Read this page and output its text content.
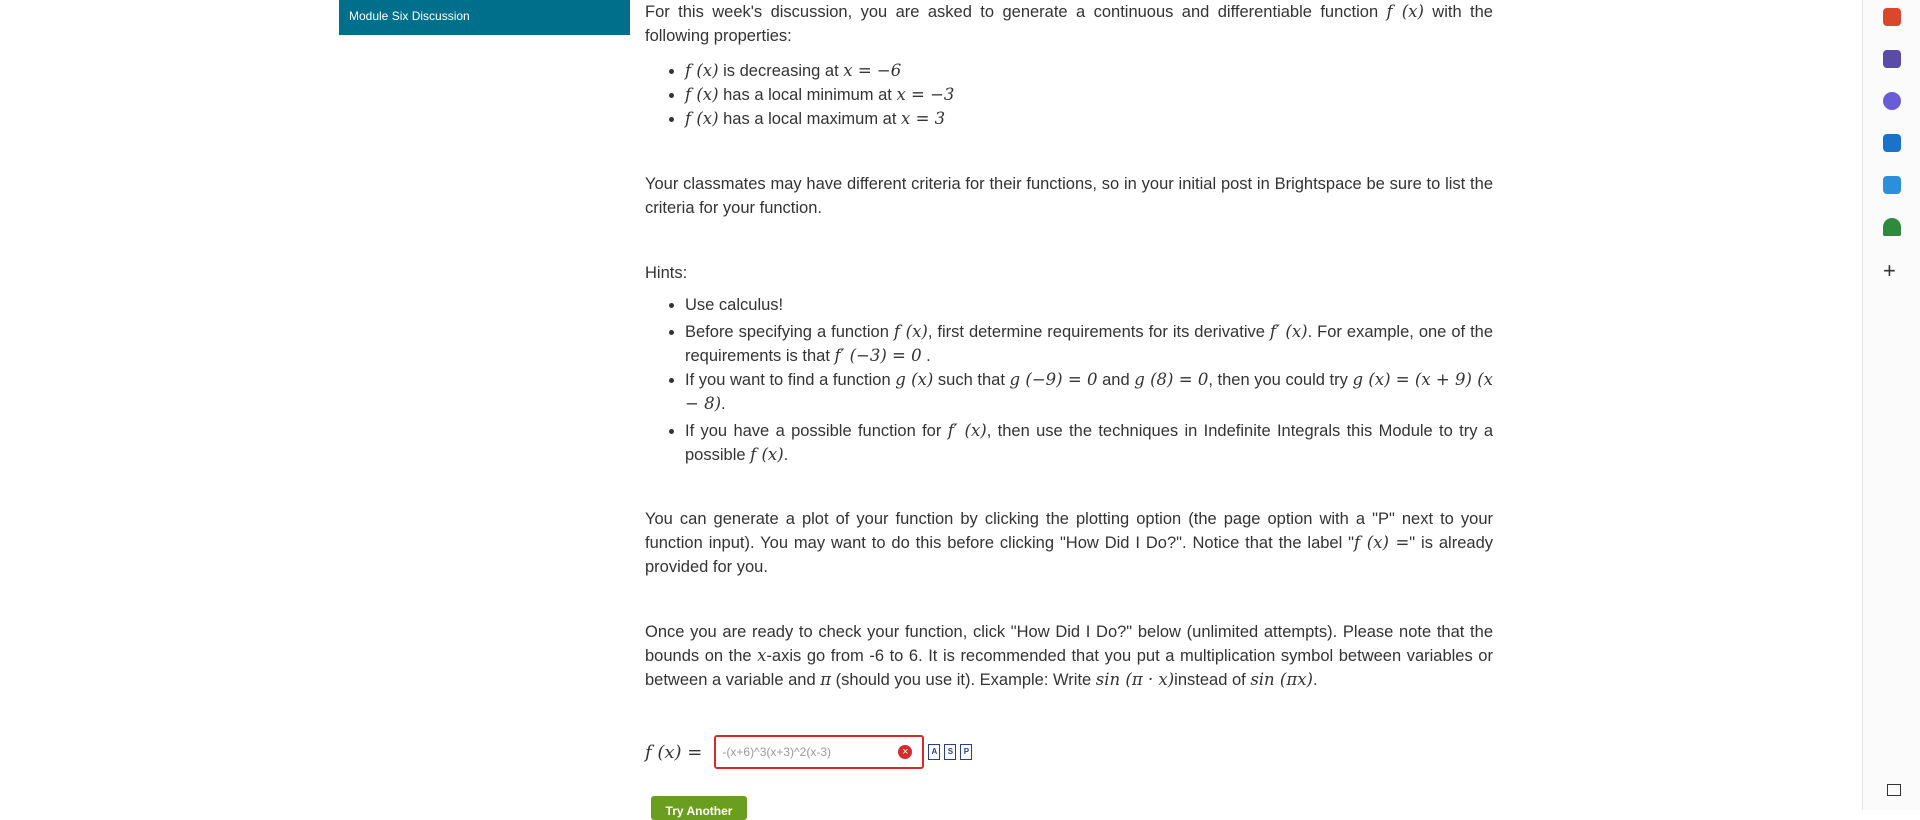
Module Six Discussion	For this week's discussion, you are asked to generate a continuous and differentiable function f (x) with the following properties:

• f (x) is decreasing at x = −6
• f (x) has a local minimum at x = −3
• f (x) has a local maximum at x = 3

Your classmates may have different criteria for their functions, so in your initial post in Brightspace be sure to list the criteria for your function.

Hints:

• Use calculus!
• Before specifying a function f (x), first determine requirements for its derivative f′ (x). For example, one of the requirements is that f′ (−3) = 0 .
• If you want to find a function g (x) such that g (−9) = 0 and g (8) = 0, then you could try g (x) = (x + 9) (x − 8).
• If you have a possible function for f′ (x), then use the techniques in Indefinite Integrals this Module to try a possible f (x).

You can generate a plot of your function by clicking the plotting option (the page option with a "P" next to your function input). You may want to do this before clicking "How Did I Do?". Notice that the label "f (x) =" is already provided for you.

Once you are ready to check your function, click "How Did I Do?" below (unlimited attempts). Please note that the bounds on the x-axis go from -6 to 6. It is recommended that you put a multiplication symbol between variables or between a variable and π (should you use it). Example: Write sin (π · x)instead of sin (πx).

f (x) =
-(x+6)^3(x+3)^2(x-3)	×	A	S	P
Try Another
+
